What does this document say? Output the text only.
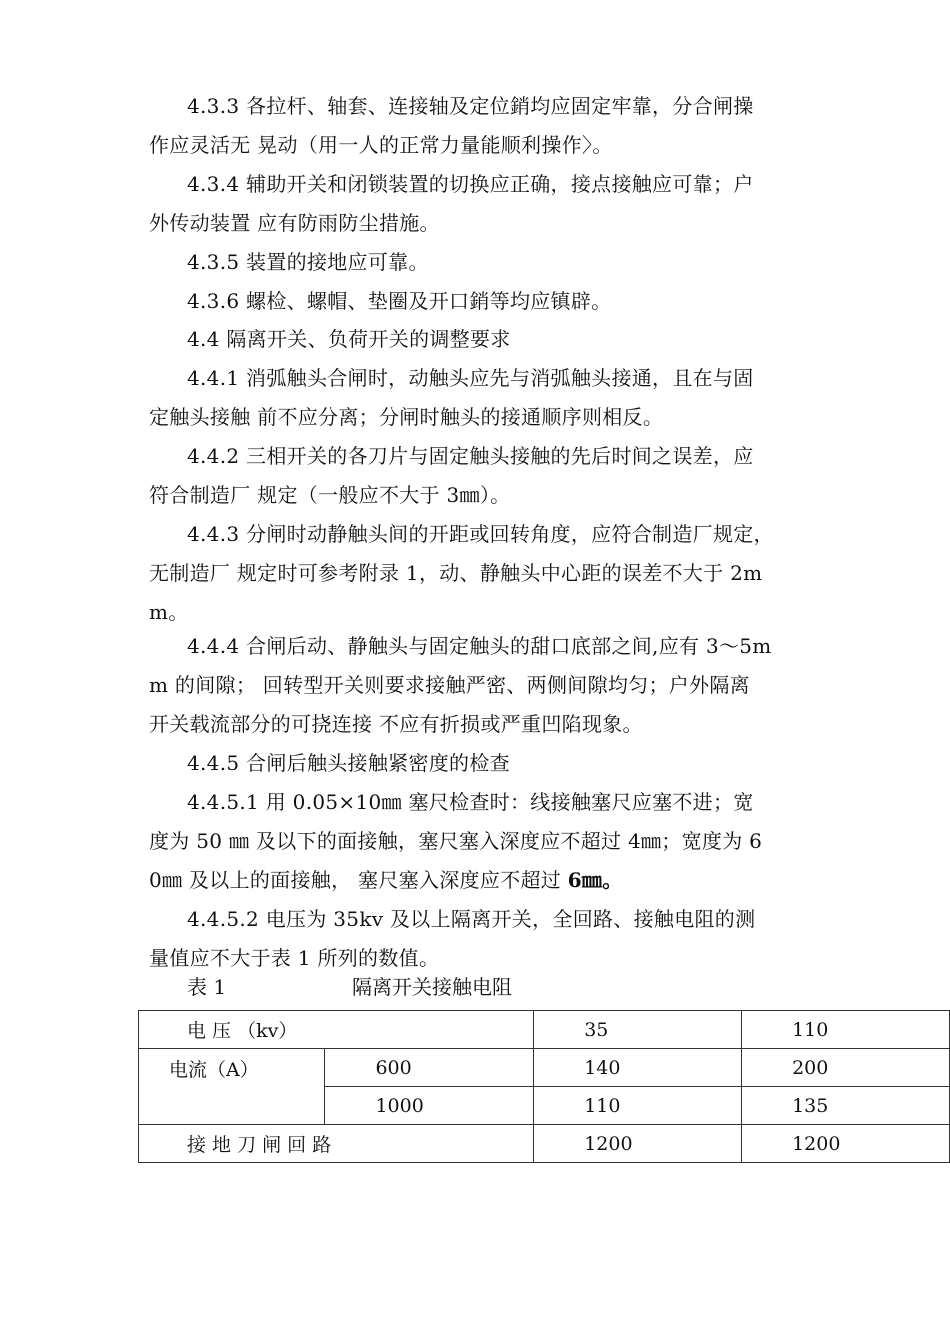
4.3.3 各拉杆、轴套、连接轴及定位銷均应固定牢靠，分合闸操
作应灵活无 晃动（用一人的正常力量能顺利操作〉。
4.3.4 辅助开关和闭锁装置的切换应正确，接点接触应可靠；户
外传动装置 应有防雨防尘措施。
4.3.5 装置的接地应可靠。
4.3.6 螺检、螺帽、垫圈及开口銷等均应镇辟。
4.4 隔离开关、负荷开关的调整要求
4.4.1 消弧触头合闸时，动触头应先与消弧触头接通，且在与固
定触头接触 前不应分离；分闸时触头的接通顺序则相反。
4.4.2 三相开关的各刀片与固定触头接触的先后时间之误差，应
符合制造厂 规定（一般应不大于 3㎜）。
4.4.3 分闸时动静触头间的开距或回转角度，应符合制造厂规定，
无制造厂 规定时可参考附录 1，动、静触头中心距的误差不大于 2m
m。
4.4.4 合闸后动、静触头与固定触头的甜口底部之间,应有 3〜5m
m 的间隙； 回转型开关则要求接触严密、两侧间隙均匀；户外隔离
开关载流部分的可挠连接 不应有折损或严重凹陷现象。
4.4.5 合闸后触头接触紧密度的检查
4.4.5.1 用 0.05×10㎜ 塞尺检查时：线接触塞尺应塞不进；宽
度为 50 ㎜ 及以下的面接触，塞尺塞入深度应不超过 4㎜；宽度为 6
0㎜ 及以上的面接触， 塞尺塞入深度应不超过 6㎜。
4.4.5.2 电压为 35kv 及以上隔离开关，全回路、接触电阻的测
量值应不大于表 1 所列的数值。
表 1	隔离开关接触电阻
电 压 （kv）		35	110
电流（A）	600	140	200
	1000	110	135
接 地 刀 闸 回 路		1200	1200
